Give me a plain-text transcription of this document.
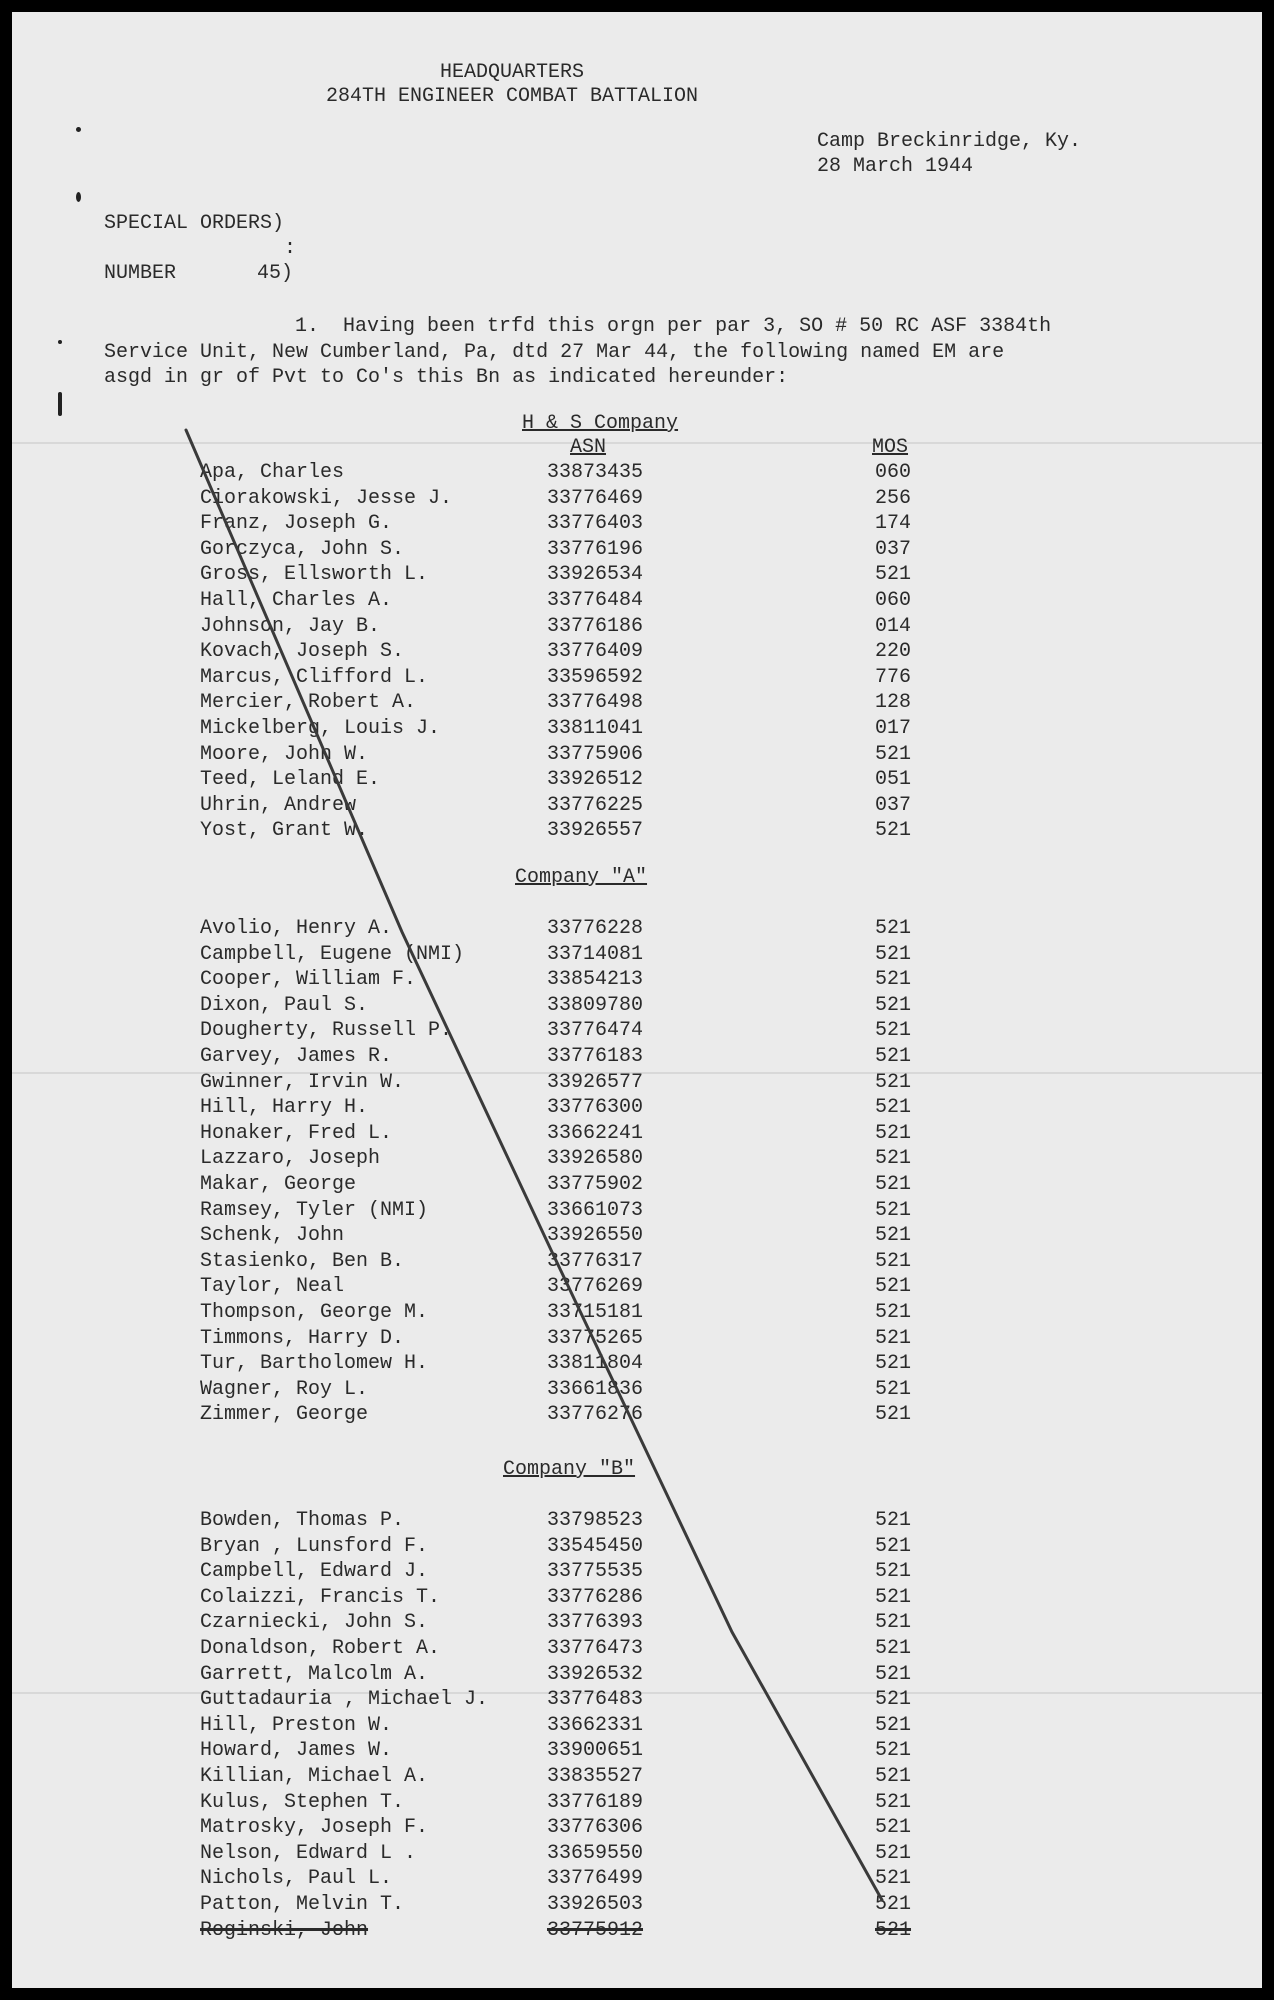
HEADQUARTERS
284TH ENGINEER COMBAT BATTALION
Camp Breckinridge, Ky.
28 March 1944
SPECIAL ORDERS)
:
NUMBER	45)
1.  Having been trfd this orgn per par 3, SO # 50 RC ASF 3384th
Service Unit, New Cumberland, Pa, dtd 27 Mar 44, the following named EM are
asgd in gr of Pvt to Co's this Bn as indicated hereunder:
H & S Company
ASN	MOS
Apa, Charles	33873435	060
Ciorakowski, Jesse J.	33776469	256
Franz, Joseph G.	33776403	174
Gorczyca, John S.	33776196	037
Gross, Ellsworth L.	33926534	521
Hall, Charles A.	33776484	060
Johnson, Jay B.	33776186	014
Kovach, Joseph S.	33776409	220
Marcus, Clifford L.	33596592	776
Mercier, Robert A.	33776498	128
Mickelberg, Louis J.	33811041	017
Moore, John W.	33775906	521
Teed, Leland E.	33926512	051
Uhrin, Andrew	33776225	037
Yost, Grant W.	33926557	521
Company "A"
Avolio, Henry A.	33776228	521
Campbell, Eugene (NMI)	33714081	521
Cooper, William F.	33854213	521
Dixon, Paul S.	33809780	521
Dougherty, Russell P.	33776474	521
Garvey, James R.	33776183	521
Gwinner, Irvin W.	33926577	521
Hill, Harry H.	33776300	521
Honaker, Fred L.	33662241	521
Lazzaro, Joseph	33926580	521
Makar, George	33775902	521
Ramsey, Tyler (NMI)	33661073	521
Schenk, John	33926550	521
Stasienko, Ben B.	33776317	521
Taylor, Neal	33776269	521
Thompson, George M.	33715181	521
Timmons, Harry D.	33775265	521
Tur, Bartholomew H.	33811804	521
Wagner, Roy L.	33661836	521
Zimmer, George	33776276	521
Company "B"
Bowden, Thomas P.	33798523	521
Bryan , Lunsford F.	33545450	521
Campbell, Edward J.	33775535	521
Colaizzi, Francis T.	33776286	521
Czarniecki, John S.	33776393	521
Donaldson, Robert A.	33776473	521
Garrett, Malcolm A.	33926532	521
Guttadauria , Michael J.	33776483	521
Hill, Preston W.	33662331	521
Howard, James W.	33900651	521
Killian, Michael A.	33835527	521
Kulus, Stephen T.	33776189	521
Matrosky, Joseph F.	33776306	521
Nelson, Edward L .	33659550	521
Nichols, Paul L.	33776499	521
Patton, Melvin T.	33926503	521
Roginski, John	33775912	521
